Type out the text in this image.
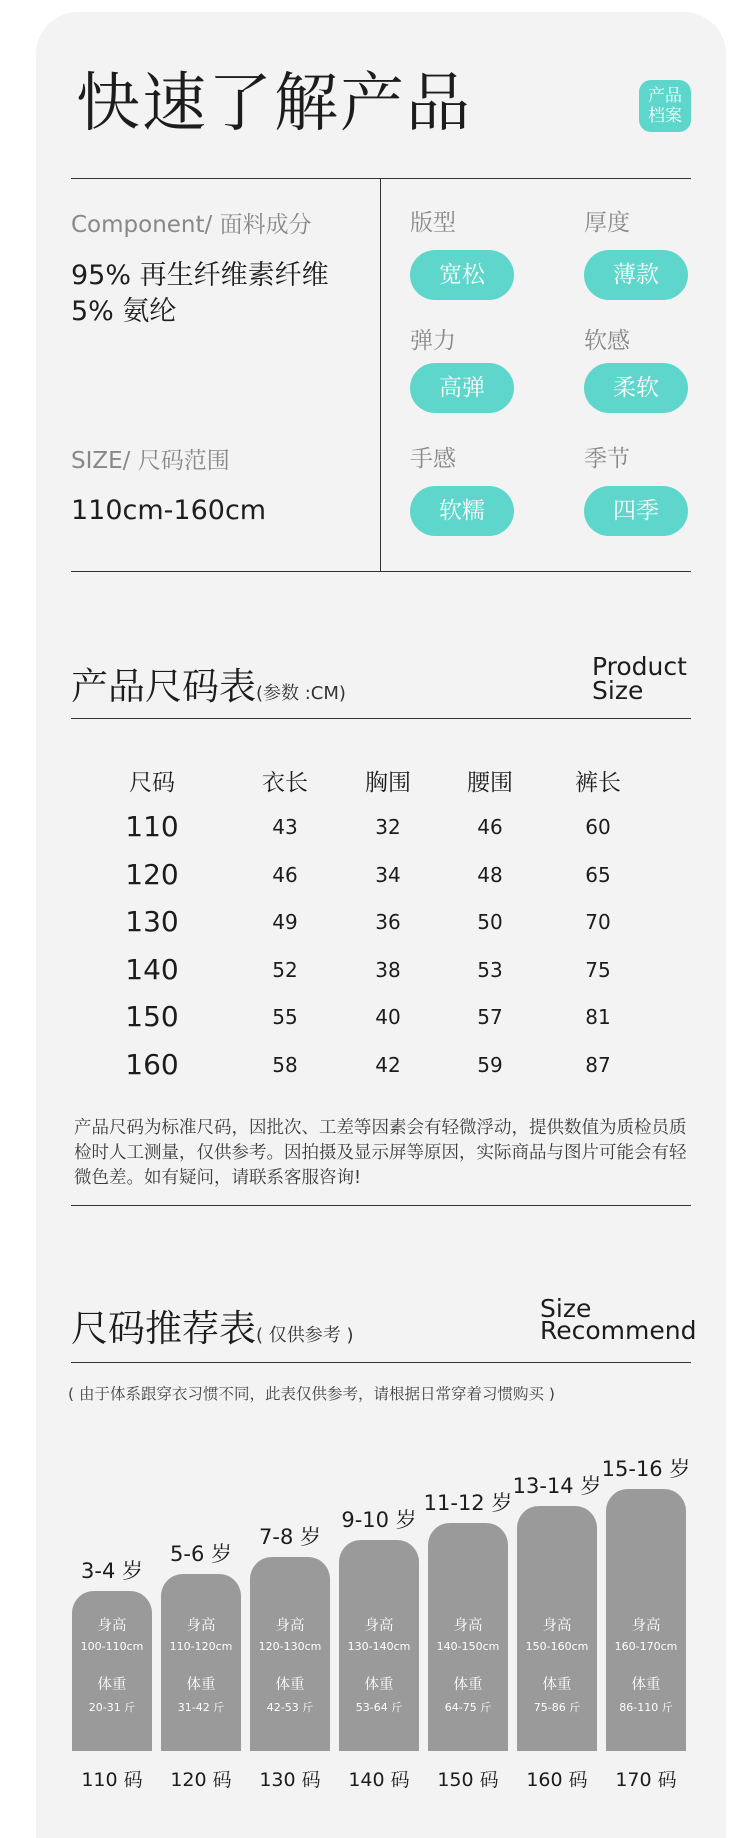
快速了解产品	产品
档案
Component/ 面料成分
95% 再生纤维素纤维
5% 氨纶
SIZE/ 尺码范围
110cm-160cm
版型
宽松
厚度
薄款
弹力
高弹
软感
柔软
手感
软糯
季节
四季
产品尺码表(参数 :CM)
Product
Size
尺码	衣长	胸围	腰围	裤长
110	43	32	46	60
120	46	34	48	65
130	49	36	50	70
140	52	38	53	75
150	55	40	57	81
160	58	42	59	87
产品尺码为标准尺码，因批次、工差等因素会有轻微浮动，提供数值为质检员质检时人工测量，仅供参考。因拍摄及显示屏等原因，实际商品与图片可能会有轻微色差。如有疑问，请联系客服咨询!
尺码推荐表( 仅供参考 )
Size
Recommend
( 由于体系跟穿衣习惯不同，此表仅供参考，请根据日常穿着习惯购买 )
3-4 岁
身高
100-110cm
体重
20-31 斤
110 码
5-6 岁
身高
110-120cm
体重
31-42 斤
120 码
7-8 岁
身高
120-130cm
体重
42-53 斤
130 码
9-10 岁
身高
130-140cm
体重
53-64 斤
140 码
11-12 岁
身高
140-150cm
体重
64-75 斤
150 码
13-14 岁
身高
150-160cm
体重
75-86 斤
160 码
15-16 岁
身高
160-170cm
体重
86-110 斤
170 码
